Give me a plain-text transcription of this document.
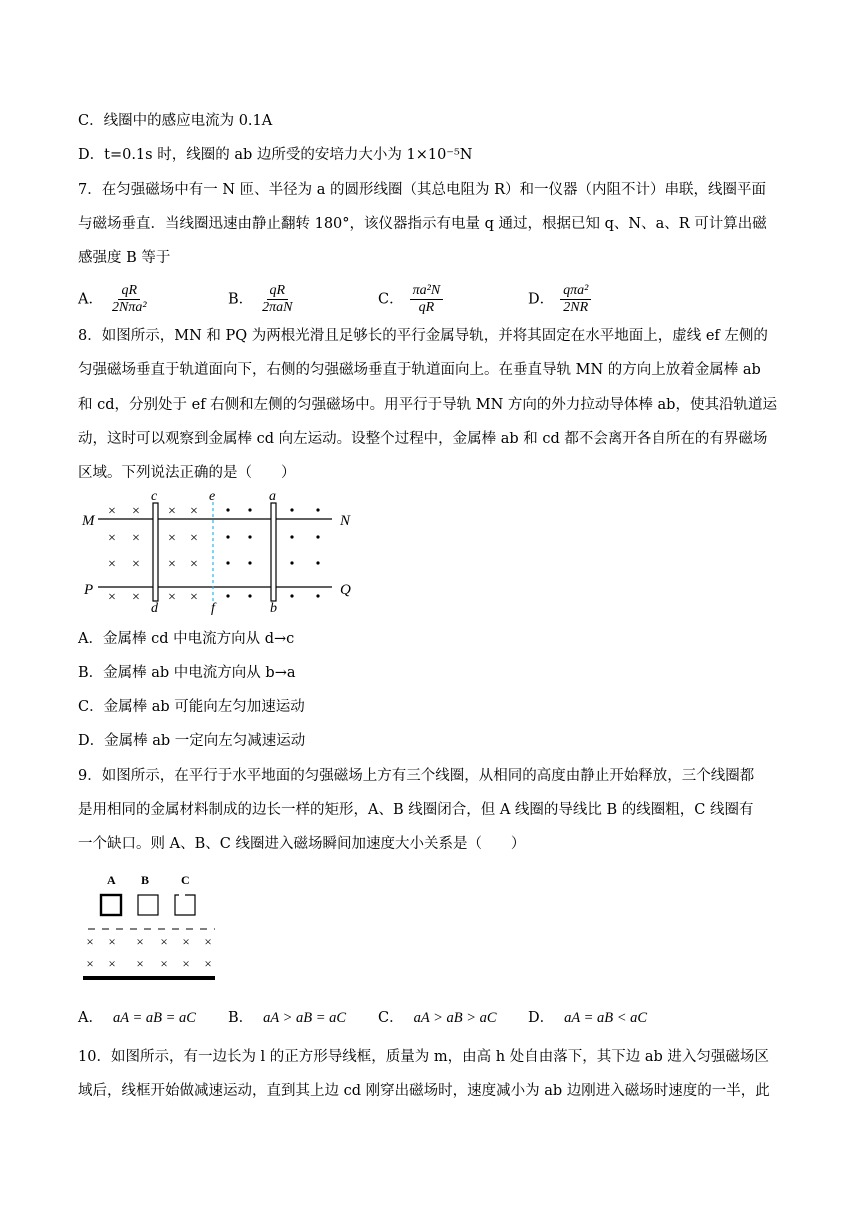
C．线圈中的感应电流为 0.1A
D．t=0.1s 时，线圈的 ab 边所受的安培力大小为 1×10⁻⁵N
7．在匀强磁场中有一 N 匝、半径为 a 的圆形线圈（其总电阻为 R）和一仪器（内阻不计）串联，线圈平面
与磁场垂直．当线圈迅速由静止翻转 180°，该仪器指示有电量 q 通过，根据已知 q、N、a、R 可计算出磁
感强度 B 等于
A． $\frac{qR}{\text{2Nπa²}}$	B． $\frac{qR}{\text{2πaN}}$	C． $\frac{\text{πa²N}}{qR}$	D． $\frac{\text{qπa²}}{2NR}$
8．如图所示，MN 和 PQ 为两根光滑且足够长的平行金属导轨，并将其固定在水平地面上，虚线 ef 左侧的
匀强磁场垂直于轨道面向下，右侧的匀强磁场垂直于轨道面向上。在垂直导轨 MN 的方向上放着金属棒 ab
和 cd，分别处于 ef 右侧和左侧的匀强磁场中。用平行于导轨 MN 方向的外力拉动导体棒 ab，使其沿轨道运
动，这时可以观察到金属棒 cd 向左运动。设整个过程中，金属棒 ab 和 cd 都不会离开各自所在的有界磁场
区域。下列说法正确的是（　　）
M	N
P	Q
c
d
e
f
a
b
× × × ×
× × × ×
× × × ×
× × × ×
A．金属棒 cd 中电流方向从 d→c
B．金属棒 ab 中电流方向从 b→a
C．金属棒 ab 可能向左匀加速运动
D．金属棒 ab 一定向左匀减速运动
9．如图所示，在平行于水平地面的匀强磁场上方有三个线圈，从相同的高度由静止开始释放，三个线圈都
是用相同的金属材料制成的边长一样的矩形，A、B 线圈闭合，但 A 线圈的导线比 B 的线圈粗，C 线圈有
一个缺口。则 A、B、C 线圈进入磁场瞬间加速度大小关系是（　　）
A B	C
× × × × × ×
× × × × × ×
A． aA = aB = aC B． aA > aB = aC C． aA > aB > aC D． aA = aB < aC
10．如图所示，有一边长为 l 的正方形导线框，质量为 m，由高 h 处自由落下，其下边 ab 进入匀强磁场区
域后，线框开始做减速运动，直到其上边 cd 刚穿出磁场时，速度减小为 ab 边刚进入磁场时速度的一半，此
